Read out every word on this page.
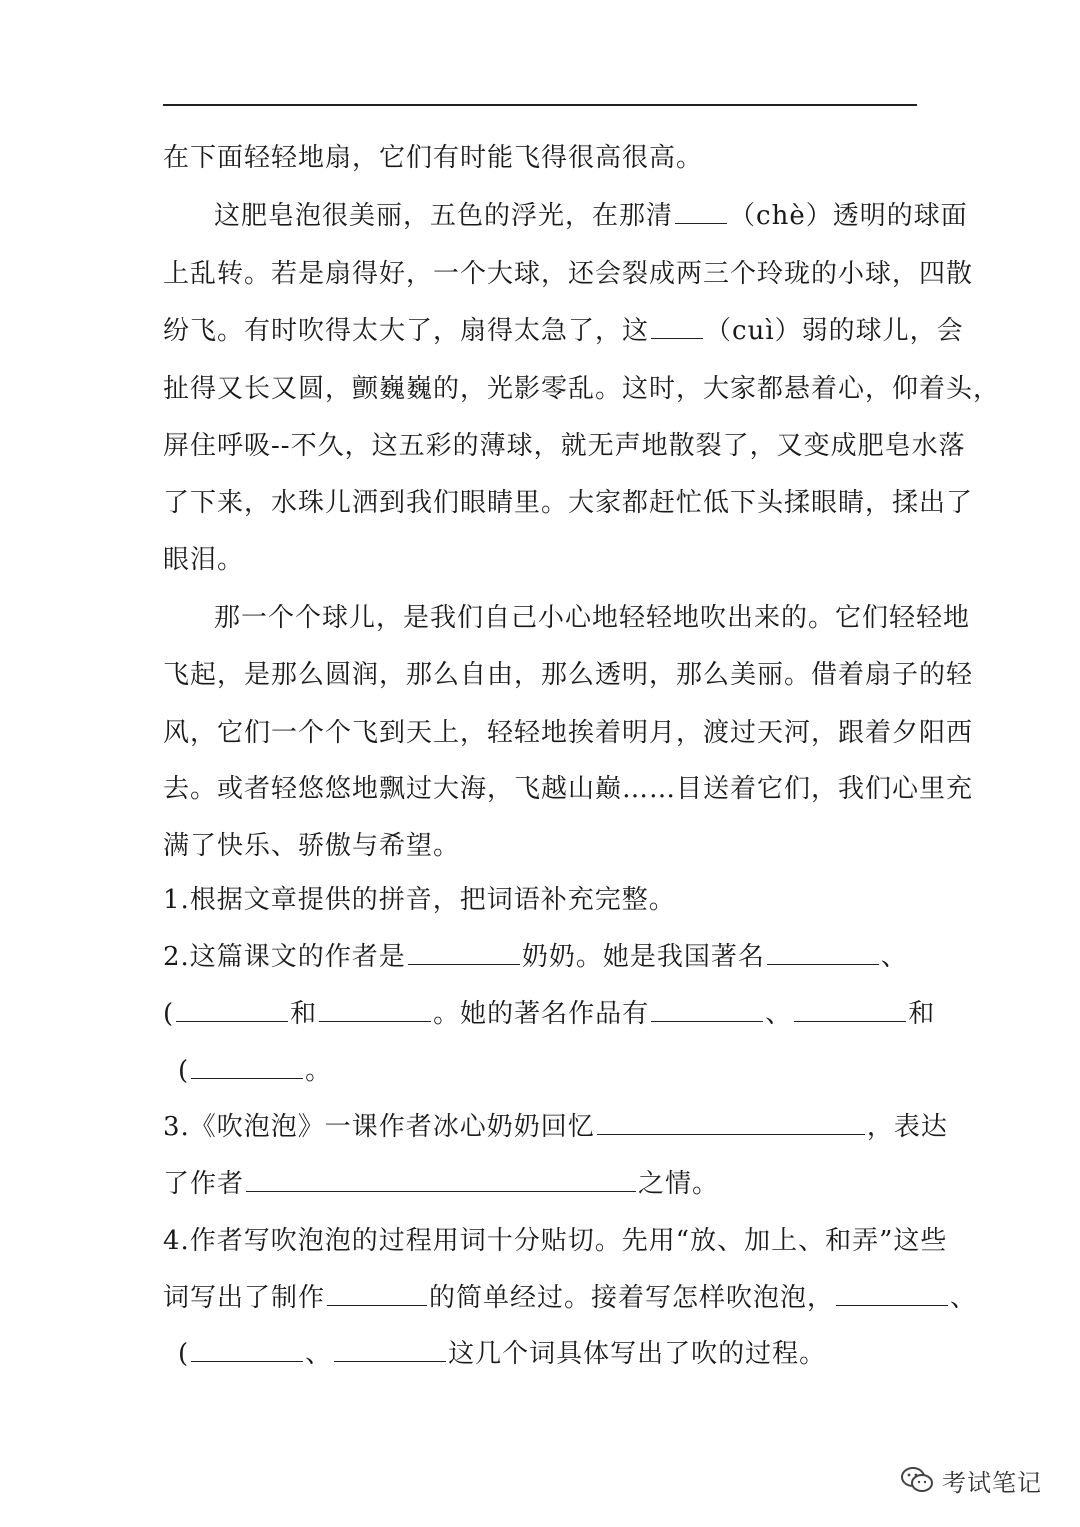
在下面轻轻地扇，它们有时能飞得很高很高。
这肥皂泡很美丽，五色的浮光，在那清 （chè）透明的球面
上乱转。若是扇得好，一个大球，还会裂成两三个玲珑的小球，四散
纷飞。有时吹得太大了，扇得太急了，这 （cuì）弱的球儿，会
扯得又长又圆，颤巍巍的，光影零乱。这时，大家都悬着心，仰着头，
屏住呼吸--不久，这五彩的薄球，就无声地散裂了，又变成肥皂水落
了下来，水珠儿洒到我们眼睛里。大家都赶忙低下头揉眼睛，揉出了
眼泪。
那一个个球儿，是我们自己小心地轻轻地吹出来的。它们轻轻地
飞起，是那么圆润，那么自由，那么透明，那么美丽。借着扇子的轻
风，它们一个个飞到天上，轻轻地挨着明月，渡过天河，跟着夕阳西
去。或者轻悠悠地飘过大海，飞越山巅……目送着它们，我们心里充
满了快乐、骄傲与希望。
1.根据文章提供的拼音，把词语补充完整。
2.这篇课文的作者是	奶奶。她是我国著名	、
(	和	。她的著名作品有	、	和
(	。
3.《吹泡泡》一课作者冰心奶奶回忆	，表达
了作者	之情。
4.作者写吹泡泡的过程用词十分贴切。先用“放、加上、和弄”这些
词写出了制作	的简单经过。接着写怎样吹泡泡，	、
(	、	这几个词具体写出了吹的过程。
考试笔记
